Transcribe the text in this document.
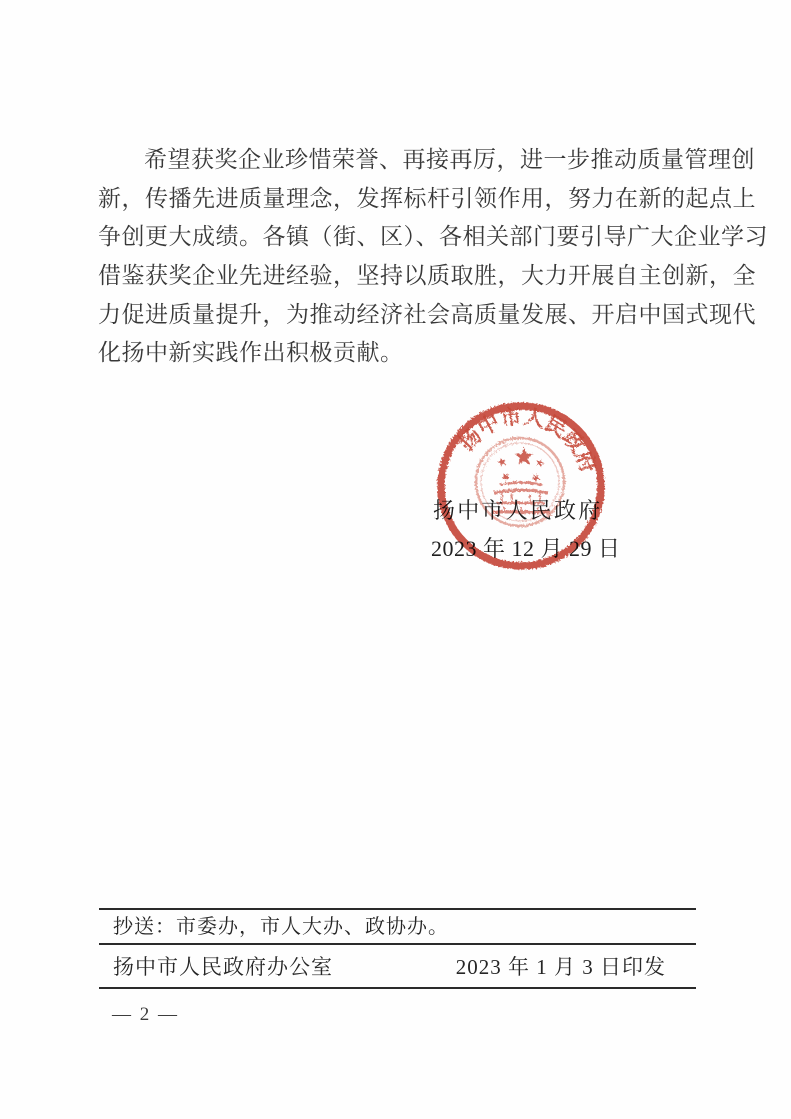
希望获奖企业珍惜荣誉、再接再厉，进一步推动质量管理创
新，传播先进质量理念，发挥标杆引领作用，努力在新的起点上
争创更大成绩。各镇（街、区）、各相关部门要引导广大企业学习
借鉴获奖企业先进经验，坚持以质取胜，大力开展自主创新，全
力促进质量提升，为推动经济社会高质量发展、开启中国式现代
化扬中新实践作出积极贡献。
扬中市人民政府
2023 年 12 月 29 日
扬中市人民政府
抄送：市委办，市人大办、政协办。
扬中市人民政府办公室	2023 年 1 月 3 日印发
— 2 —
